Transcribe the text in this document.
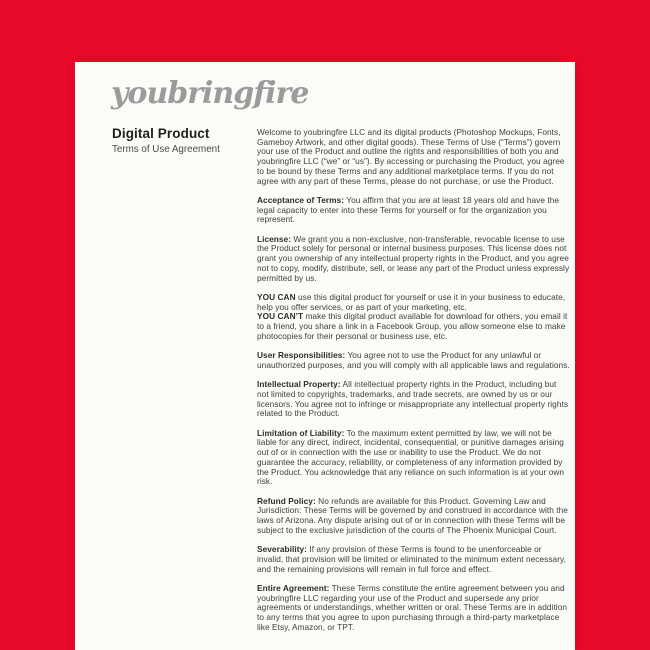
youbringfire

Digital Product

Terms of Use Agreement

Welcome to youbringfire LLC and its digital products (Photoshop Mockups, Fonts, Gameboy Artwork, and other digital goods). These Terms of Use (“Terms”) govern your use of the Product and outline the rights and responsibilities of both you and youbringfire LLC (“we” or “us”). By accessing or purchasing the Product, you agree to be bound by these Terms and any additional marketplace terms. If you do not agree with any part of these Terms, please do not purchase, or use the Product.

Acceptance of Terms: You affirm that you are at least 18 years old and have the legal capacity to enter into these Terms for yourself or for the organization you represent.

License: We grant you a non-exclusive, non-transferable, revocable license to use the Product solely for personal or internal business purposes. This license does not grant you ownership of any intellectual property rights in the Product, and you agree not to copy, modify, distribute, sell, or lease any part of the Product unless expressly permitted by us.

YOU CAN use this digital product for yourself or use it in your business to educate, help you offer services, or as part of your marketing, etc.
YOU CAN’T make this digital product available for download for others, you email it to a friend, you share a link in a Facebook Group, you allow someone else to make photocopies for their personal or business use, etc.

User Responsibilities: You agree not to use the Product for any unlawful or unauthorized purposes, and you will comply with all applicable laws and regulations.

Intellectual Property: All intellectual property rights in the Product, including but not limited to copyrights, trademarks, and trade secrets, are owned by us or our licensors. You agree not to infringe or misappropriate any intellectual property rights related to the Product.

Limitation of Liability: To the maximum extent permitted by law, we will not be liable for any direct, indirect, incidental, consequential, or punitive damages arising out of or in connection with the use or inability to use the Product. We do not guarantee the accuracy, reliability, or completeness of any information provided by the Product. You acknowledge that any reliance on such information is at your own risk.

Refund Policy: No refunds are available for this Product. Governing Law and Jurisdiction: These Terms will be governed by and construed in accordance with the laws of Arizona. Any dispute arising out of or in connection with these Terms will be subject to the exclusive jurisdiction of the courts of The Phoenix Municipal Court.

Severability: If any provision of these Terms is found to be unenforceable or invalid, that provision will be limited or eliminated to the minimum extent necessary, and the remaining provisions will remain in full force and effect.

Entire Agreement: These Terms constitute the entire agreement between you and youbringfire LLC regarding your use of the Product and supersede any prior agreements or understandings, whether written or oral. These Terms are in addition to any terms that you agree to upon purchasing through a third-party marketplace like Etsy, Amazon, or TPT.
